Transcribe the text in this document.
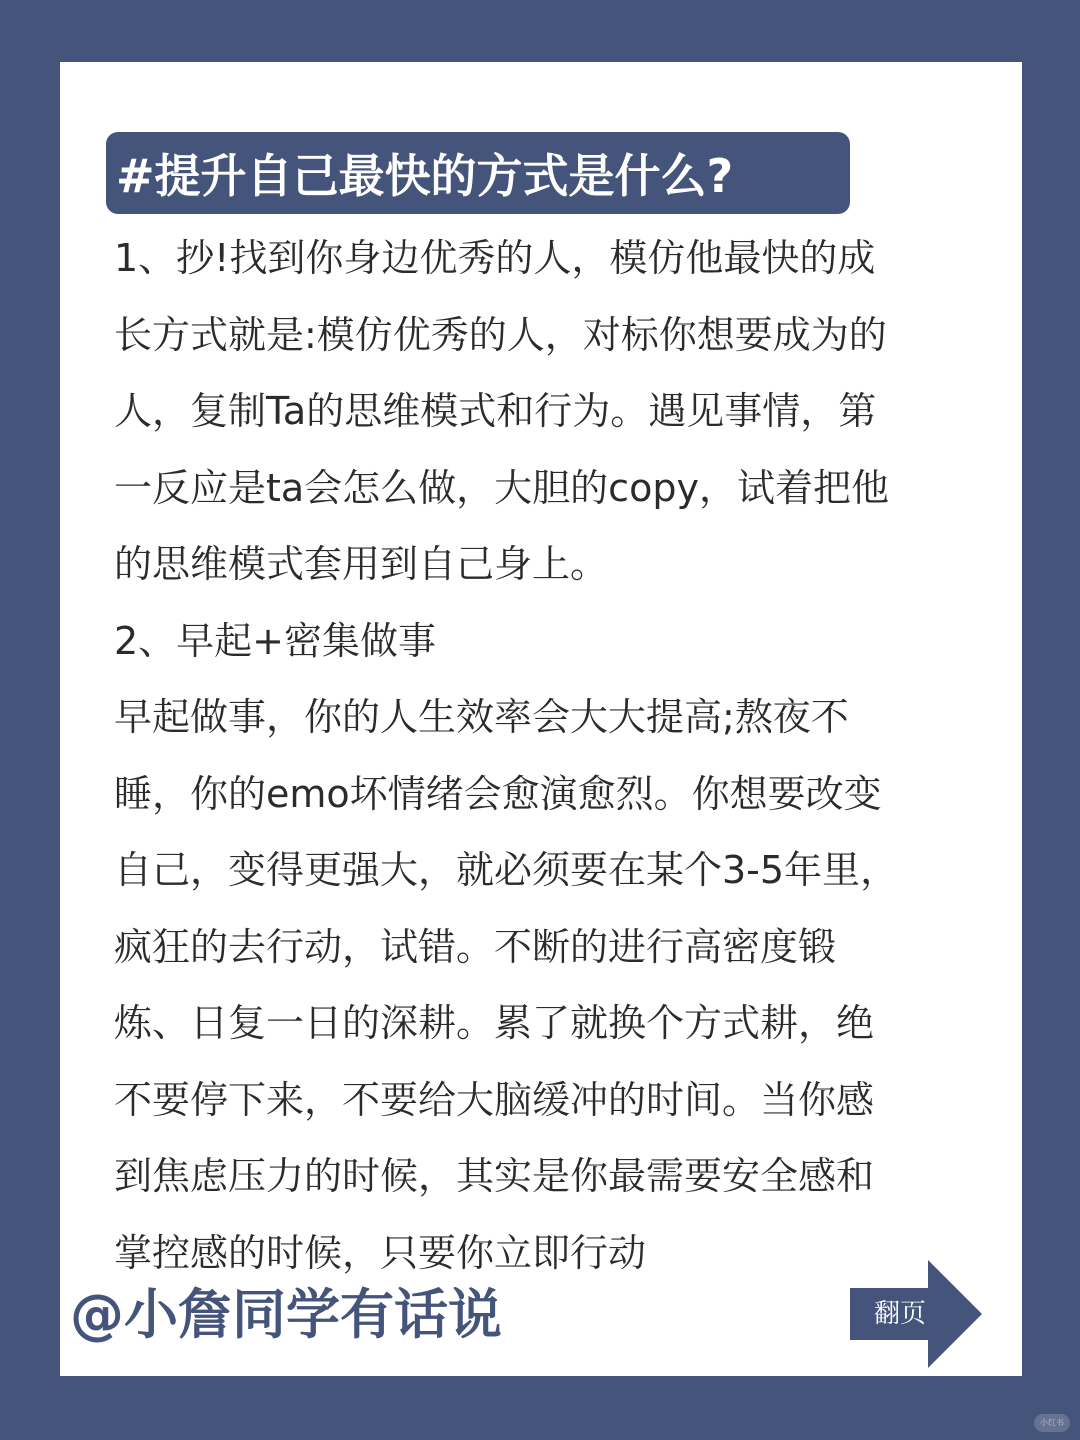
#提升自己最快的方式是什么?

1、抄!找到你身边优秀的人，模仿他最快的成

长方式就是:模仿优秀的人，对标你想要成为的

人，复制Ta的思维模式和行为。遇见事情，第

一反应是ta会怎么做，大胆的copy，试着把他

的思维模式套用到自己身上。

2、早起+密集做事

早起做事，你的人生效率会大大提高;熬夜不

睡，你的emo坏情绪会愈演愈烈。你想要改变

自己，变得更强大，就必须要在某个3-5年里，

疯狂的去行动，试错。不断的进行高密度锻

炼、日复一日的深耕。累了就换个方式耕，绝

不要停下来，不要给大脑缓冲的时间。当你感

到焦虑压力的时候，其实是你最需要安全感和

掌控感的时候，只要你立即行动

@小詹同学有话说	翻页
小红书
